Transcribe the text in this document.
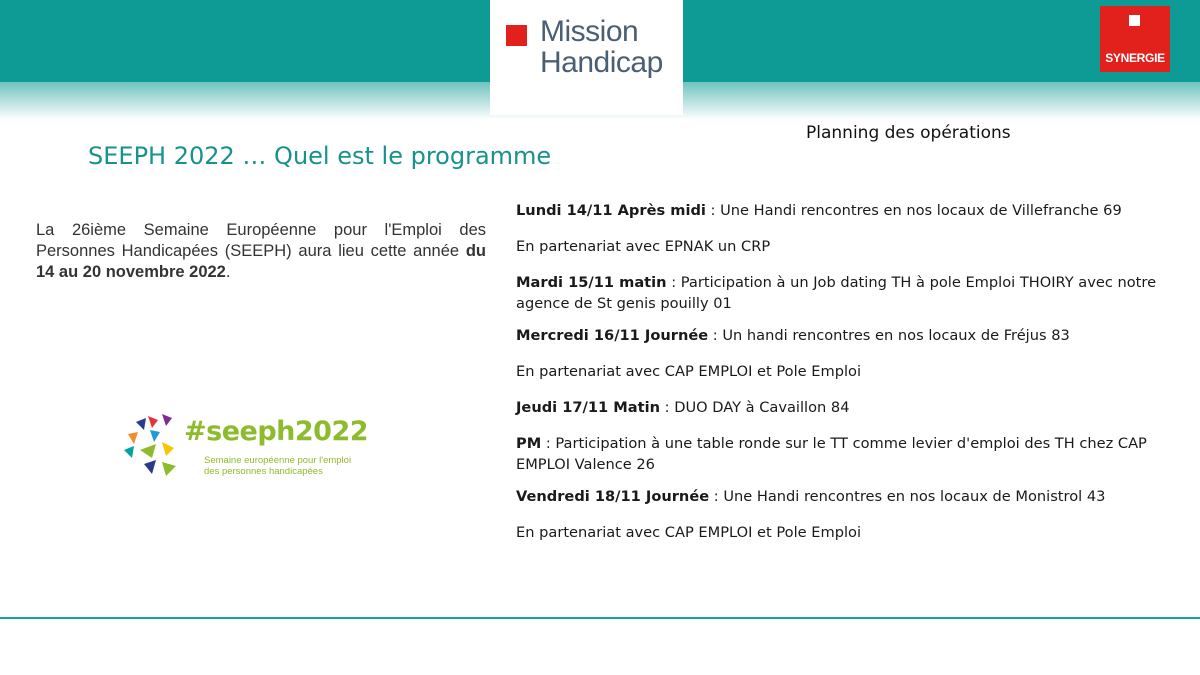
Mission
Handicap	SYNERGIE
SEEPH 2022 … Quel est le programme
La 26ième Semaine Européenne pour l'Emploi des Personnes Handicapées (SEEPH) aura lieu cette année du 14 au 20 novembre 2022.
#seeph2022
Semaine européenne pour l'emploi
des personnes handicapées
Planning des opérations

Lundi 14/11 Après midi : Une Handi rencontres en nos locaux de Villefranche 69

En partenariat avec EPNAK un CRP

Mardi 15/11 matin : Participation à un Job dating TH à pole Emploi THOIRY avec notre agence de St genis pouilly 01

Mercredi 16/11 Journée : Un handi rencontres en nos locaux de Fréjus 83

En partenariat avec CAP EMPLOI et Pole Emploi

Jeudi 17/11 Matin : DUO DAY à Cavaillon 84

PM : Participation à une table ronde sur le TT comme levier d'emploi des TH chez CAP EMPLOI Valence 26

Vendredi 18/11 Journée : Une Handi rencontres en nos locaux de Monistrol 43

En partenariat avec CAP EMPLOI et Pole Emploi
